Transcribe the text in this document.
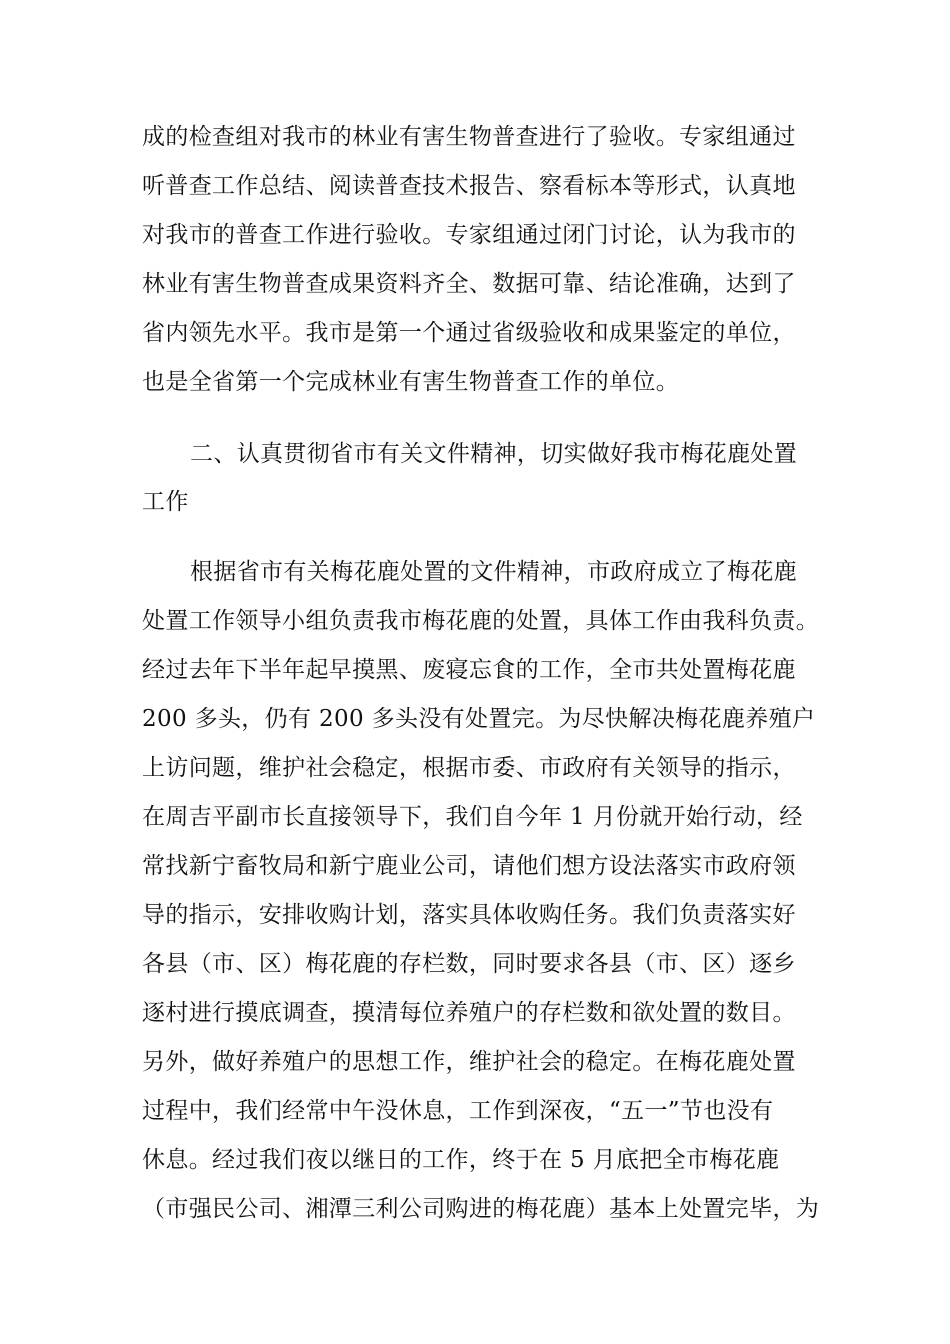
成的检查组对我市的林业有害生物普查进行了验收。专家组通过
听普查工作总结、阅读普查技术报告、察看标本等形式，认真地
对我市的普查工作进行验收。专家组通过闭门讨论，认为我市的
林业有害生物普查成果资料齐全、数据可靠、结论准确，达到了
省内领先水平。我市是第一个通过省级验收和成果鉴定的单位，
也是全省第一个完成林业有害生物普查工作的单位。
二、认真贯彻省市有关文件精神，切实做好我市梅花鹿处置
工作
根据省市有关梅花鹿处置的文件精神，市政府成立了梅花鹿
处置工作领导小组负责我市梅花鹿的处置，具体工作由我科负责。
经过去年下半年起早摸黑、废寝忘食的工作，全市共处置梅花鹿
200 多头，仍有 200 多头没有处置完。为尽快解决梅花鹿养殖户
上访问题，维护社会稳定，根据市委、市政府有关领导的指示，
在周吉平副市长直接领导下，我们自今年 1 月份就开始行动，经
常找新宁畜牧局和新宁鹿业公司，请他们想方设法落实市政府领
导的指示，安排收购计划，落实具体收购任务。我们负责落实好
各县（市、区）梅花鹿的存栏数，同时要求各县（市、区）逐乡
逐村进行摸底调查，摸清每位养殖户的存栏数和欲处置的数目。
另外，做好养殖户的思想工作，维护社会的稳定。在梅花鹿处置
过程中，我们经常中午没休息，工作到深夜，“五一”节也没有
休息。经过我们夜以继日的工作，终于在 5 月底把全市梅花鹿
（市强民公司、湘潭三利公司购进的梅花鹿）基本上处置完毕，为
